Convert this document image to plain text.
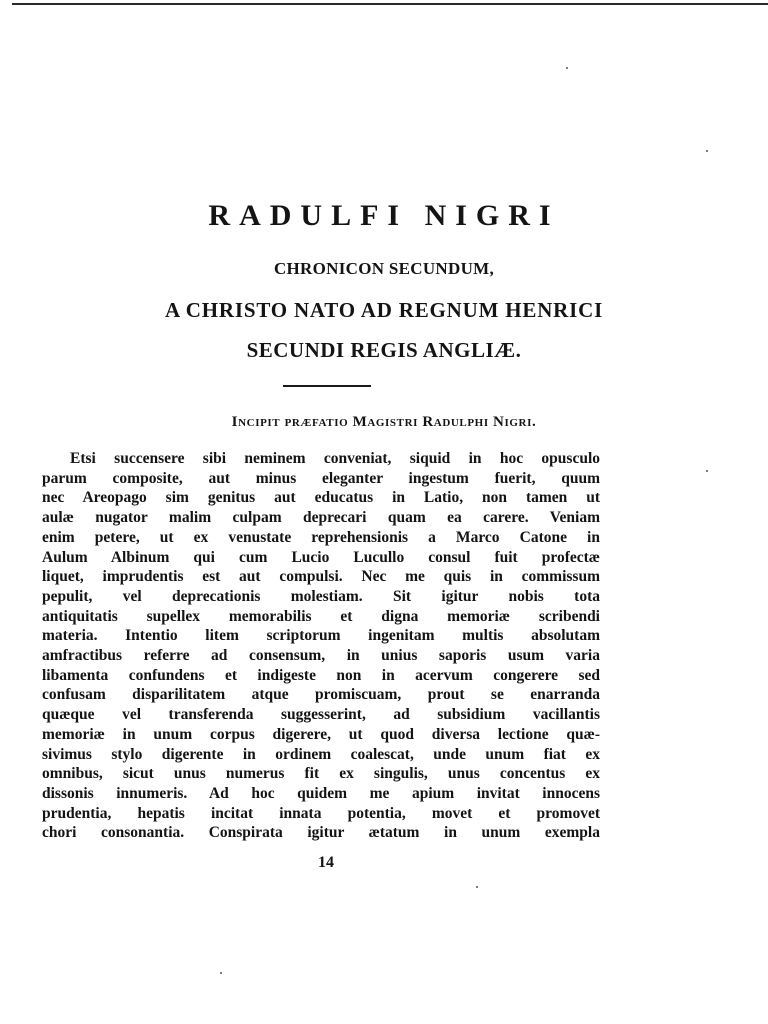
RADULFI NIGRI

CHRONICON SECUNDUM,

A CHRISTO NATO AD REGNUM HENRICI

SECUNDI REGIS ANGLIÆ.

Incipit præfatio Magistri Radulphi Nigri.

Etsi succensere sibi neminem conveniat, siquid in hoc opusculo
parum composite, aut minus eleganter ingestum fuerit, quum
nec Areopago sim genitus aut educatus in Latio, non tamen ut
aulæ nugator malim culpam deprecari quam ea carere. Veniam
enim petere, ut ex venustate reprehensionis a Marco Catone in
Aulum Albinum qui cum Lucio Lucullo consul fuit profectæ
liquet, imprudentis est aut compulsi. Nec me quis in commissum
pepulit, vel deprecationis molestiam. Sit igitur nobis tota
antiquitatis supellex memorabilis et digna memoriæ scribendi
materia. Intentio litem scriptorum ingenitam multis absolutam
amfractibus referre ad consensum, in unius saporis usum varia
libamenta confundens et indigeste non in acervum congerere sed
confusam disparilitatem atque promiscuam, prout se enarranda
quæque vel transferenda suggesserint, ad subsidium vacillantis
memoriæ in unum corpus digerere, ut quod diversa lectione quæ-
sivimus stylo digerente in ordinem coalescat, unde unum fiat ex
omnibus, sicut unus numerus fit ex singulis, unus concentus ex
dissonis innumeris. Ad hoc quidem me apium invitat innocens
prudentia, hepatis incitat innata potentia, movet et promovet
chori consonantia. Conspirata igitur ætatum in unum exempla

14
